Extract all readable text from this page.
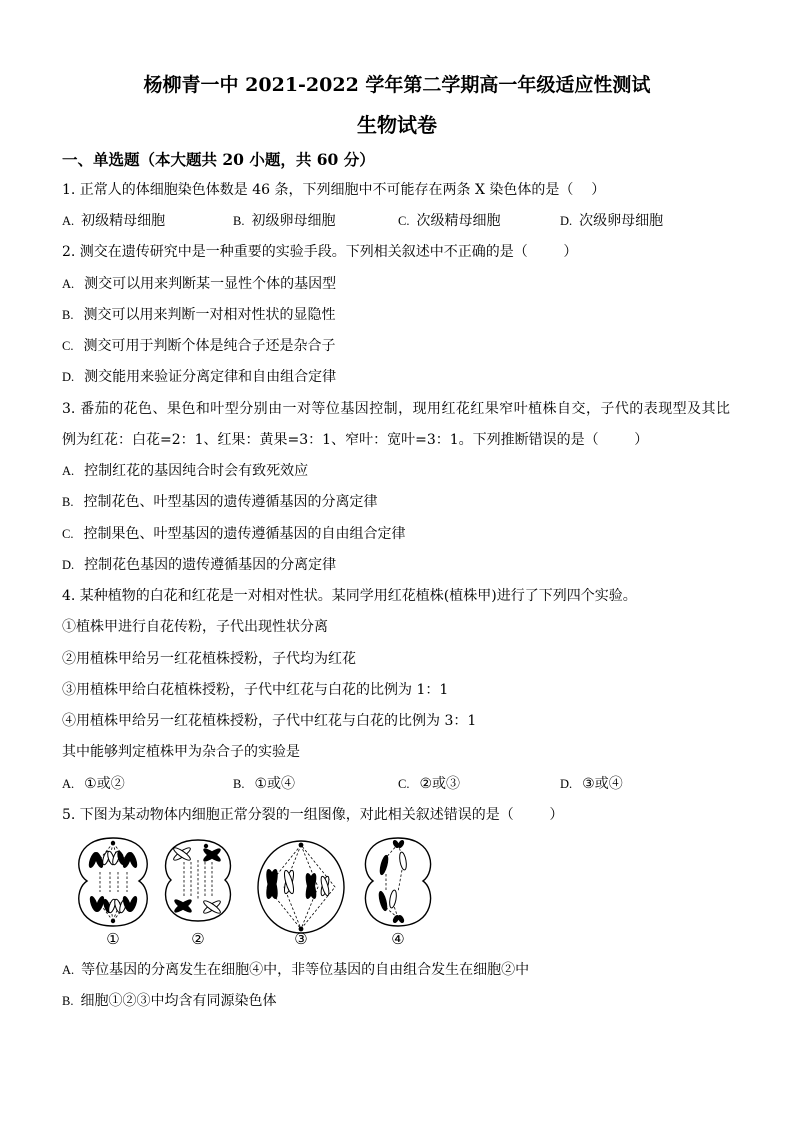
杨柳青一中 2021-2022 学年第二学期高一年级适应性测试
生物试卷
一、单选题（本大题共 20 小题，共 60 分）
1. 正常人的体细胞染色体数是 46 条，下列细胞中不可能存在两条 X 染色体的是（    ）
A. 初级精母细胞	B. 初级卵母细胞	C. 次级精母细胞	D. 次级卵母细胞
2. 测交在遗传研究中是一种重要的实验手段。下列相关叙述中不正确的是（        ）
A. 测交可以用来判断某一显性个体的基因型
B. 测交可以用来判断一对相对性状的显隐性
C. 测交可用于判断个体是纯合子还是杂合子
D. 测交能用来验证分离定律和自由组合定律
3. 番茄的花色、果色和叶型分别由一对等位基因控制，现用红花红果窄叶植株自交，子代的表现型及其比
例为红花：白花=2：1、红果：黄果=3：1、窄叶：宽叶=3：1。下列推断错误的是（        ）
A. 控制红花的基因纯合时会有致死效应
B. 控制花色、叶型基因的遗传遵循基因的分离定律
C. 控制果色、叶型基因的遗传遵循基因的自由组合定律
D. 控制花色基因的遗传遵循基因的分离定律
4. 某种植物的白花和红花是一对相对性状。某同学用红花植株(植株甲)进行了下列四个实验。
①植株甲进行自花传粉，子代出现性状分离
②用植株甲给另一红花植株授粉，子代均为红花
③用植株甲给白花植株授粉，子代中红花与白花的比例为 1：1
④用植株甲给另一红花植株授粉，子代中红花与白花的比例为 3：1
其中能够判定植株甲为杂合子的实验是
A. ①或②	B. ①或④	C. ②或③	D. ③或④
5. 下图为某动物体内细胞正常分裂的一组图像，对此相关叙述错误的是（        ）
①	②	③	④
A. 等位基因的分离发生在细胞④中，非等位基因的自由组合发生在细胞②中
B. 细胞①②③中均含有同源染色体
